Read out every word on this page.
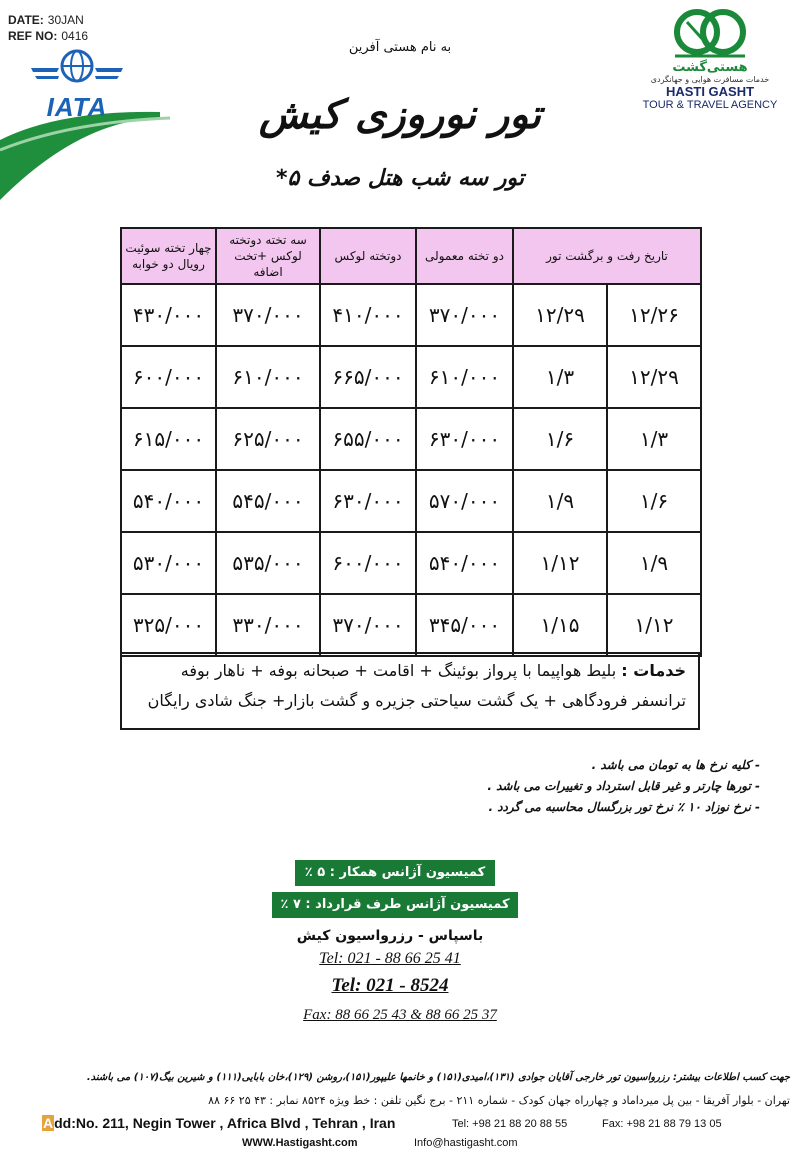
DATE: 30JAN
REF NO: 0416
IATA
هستی‌گشت
خدمات مسافرت هوایی و جهانگردی
HASTI GASHT
TOUR & TRAVEL AGENCY
به نام هستی آفرین
تور نوروزی کیش
تور سه شب هتل صدف ۵*
تاریخ رفت و برگشت تور		دو تخته معمولی	دوتخته لوکس	سه تخته دوتخته لوکس +تخت اضافه	چهار تخته سوئیت رویال دو خوابه
۱۲/۲۶	۱۲/۲۹	۳۷۰/۰۰۰	۴۱۰/۰۰۰	۳۷۰/۰۰۰	۴۳۰/۰۰۰
۱۲/۲۹	۱/۳	۶۱۰/۰۰۰	۶۶۵/۰۰۰	۶۱۰/۰۰۰	۶۰۰/۰۰۰
۱/۳	۱/۶	۶۳۰/۰۰۰	۶۵۵/۰۰۰	۶۲۵/۰۰۰	۶۱۵/۰۰۰
۱/۶	۱/۹	۵۷۰/۰۰۰	۶۳۰/۰۰۰	۵۴۵/۰۰۰	۵۴۰/۰۰۰
۱/۹	۱/۱۲	۵۴۰/۰۰۰	۶۰۰/۰۰۰	۵۳۵/۰۰۰	۵۳۰/۰۰۰
۱/۱۲	۱/۱۵	۳۴۵/۰۰۰	۳۷۰/۰۰۰	۳۳۰/۰۰۰	۳۲۵/۰۰۰
خدمات : بلیط هواپیما با پرواز بوئینگ + اقامت + صبحانه بوفه + ناهار بوفه
ترانسفر فرودگاهی + یک گشت سیاحتی جزیره و گشت بازار+ جنگ شادی رایگان
- کلیه نرخ ها به تومان می باشد .
- تورها چارتر و غیر قابل استرداد و تغییرات می باشد .
- نرخ نوزاد ۱۰ ٪ نرخ تور بزرگسال محاسبه می گردد .
کمیسیون آژانس همکار : ۵ ٪
کمیسیون آژانس طرف قرارداد : ۷ ٪
باسپاس - رزرواسیون کیش
Tel: 021 - 88 66 25 41
Tel: 021 - 8524
Fax: 88 66 25 43 & 88 66 25 37
جهت کسب اطلاعات بیشتر: رزرواسیون تور خارجی آقایان جوادی (۱۳۱)،امیدی(۱۵۱) و خانمها علیپور(۱۵۱)،روشن (۱۲۹)،خان بابایی(۱۱۱) و شیرین بیگ(۱۰۷) می باشند.
تهران - بلوار آفریقا - بین پل میرداماد و چهارراه جهان کودک - شماره ۲۱۱ - برج نگین تلفن : خط ویژه ۸۵۲۴ نمابر : ۴۳ ۲۵ ۶۶ ۸۸
Add:No. 211, Negin Tower , Africa Blvd , Tehran , Iran	Tel: +98 21 88 20 88 55	Fax: +98 21 88 79 13 05
WWW.Hastigasht.com	Info@hastigasht.com
